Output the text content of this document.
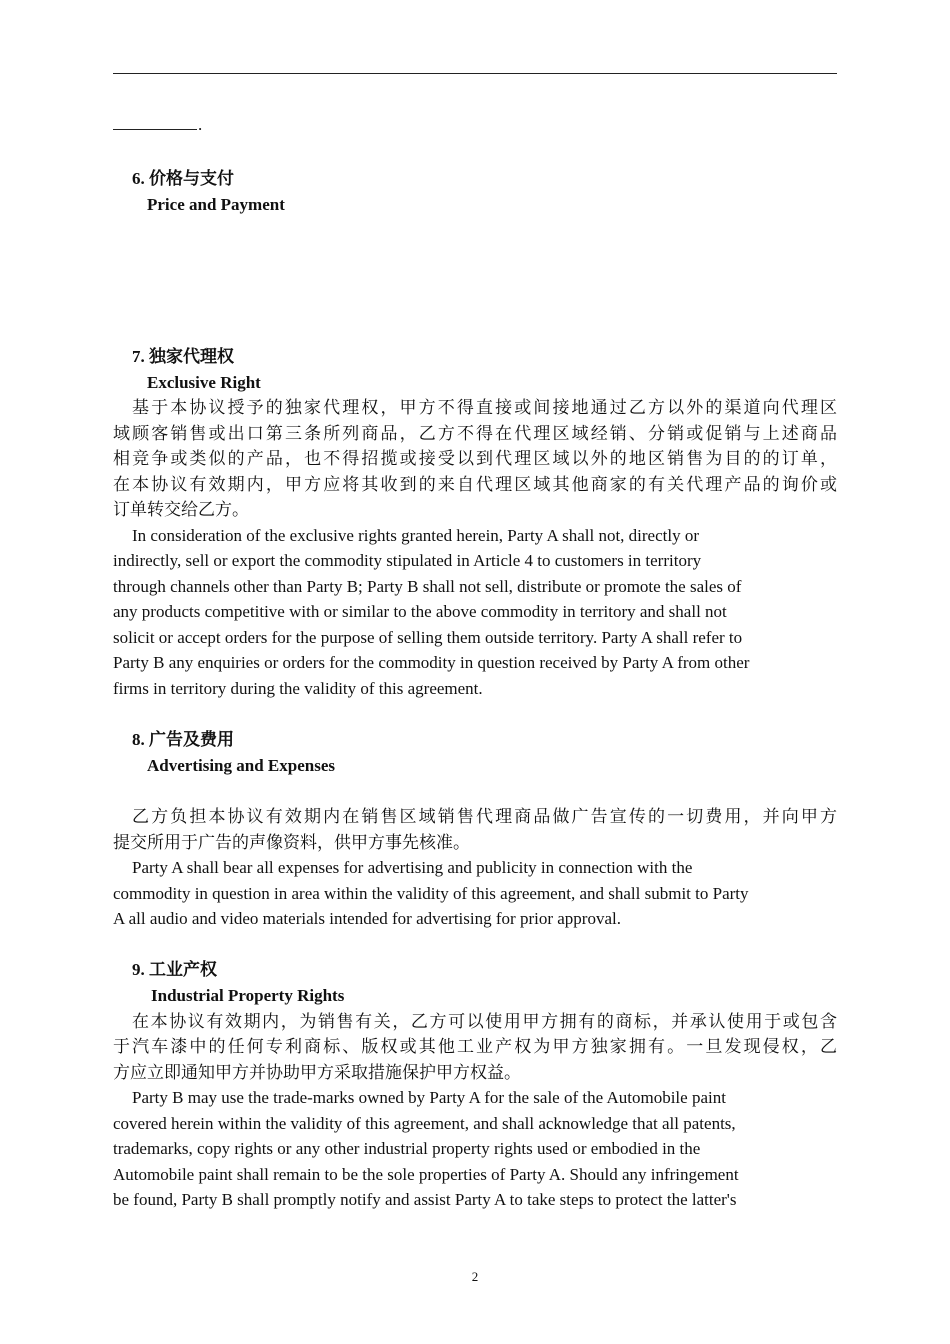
.
6. 价格与支付
Price and Payment
7. 独家代理权
Exclusive Right
基于本协议授予的独家代理权，甲方不得直接或间接地通过乙方以外的渠道向代理区
域顾客销售或出口第三条所列商品，乙方不得在代理区域经销、分销或促销与上述商品
相竞争或类似的产品，也不得招揽或接受以到代理区域以外的地区销售为目的的订单，
在本协议有效期内，甲方应将其收到的来自代理区域其他商家的有关代理产品的询价或
订单转交给乙方。
In consideration of the exclusive rights granted herein, Party A shall not, directly or
indirectly, sell or export the commodity stipulated in Article 4 to customers in territory
through channels other than Party B; Party B shall not sell, distribute or promote the sales of
any products competitive with or similar to the above commodity in territory and shall not
solicit or accept orders for the purpose of selling them outside territory. Party A shall refer to
Party B any enquiries or orders for the commodity in question received by Party A from other
firms in territory during the validity of this agreement.
8. 广告及费用
Advertising and Expenses
乙方负担本协议有效期内在销售区域销售代理商品做广告宣传的一切费用，并向甲方
提交所用于广告的声像资料，供甲方事先核准。
Party A shall bear all expenses for advertising and publicity in connection with the
commodity in question in area within the validity of this agreement, and shall submit to Party
A all audio and video materials intended for advertising for prior approval.
9. 工业产权
Industrial Property Rights
在本协议有效期内，为销售有关，乙方可以使用甲方拥有的商标，并承认使用于或包含
于汽车漆中的任何专利商标、版权或其他工业产权为甲方独家拥有。一旦发现侵权，乙
方应立即通知甲方并协助甲方采取措施保护甲方权益。
Party B may use the trade-marks owned by Party A for the sale of the Automobile paint
covered herein within the validity of this agreement, and shall acknowledge that all patents,
trademarks, copy rights or any other industrial property rights used or embodied in the
Automobile paint shall remain to be the sole properties of Party A. Should any infringement
be found, Party B shall promptly notify and assist Party A to take steps to protect the latter's
2
